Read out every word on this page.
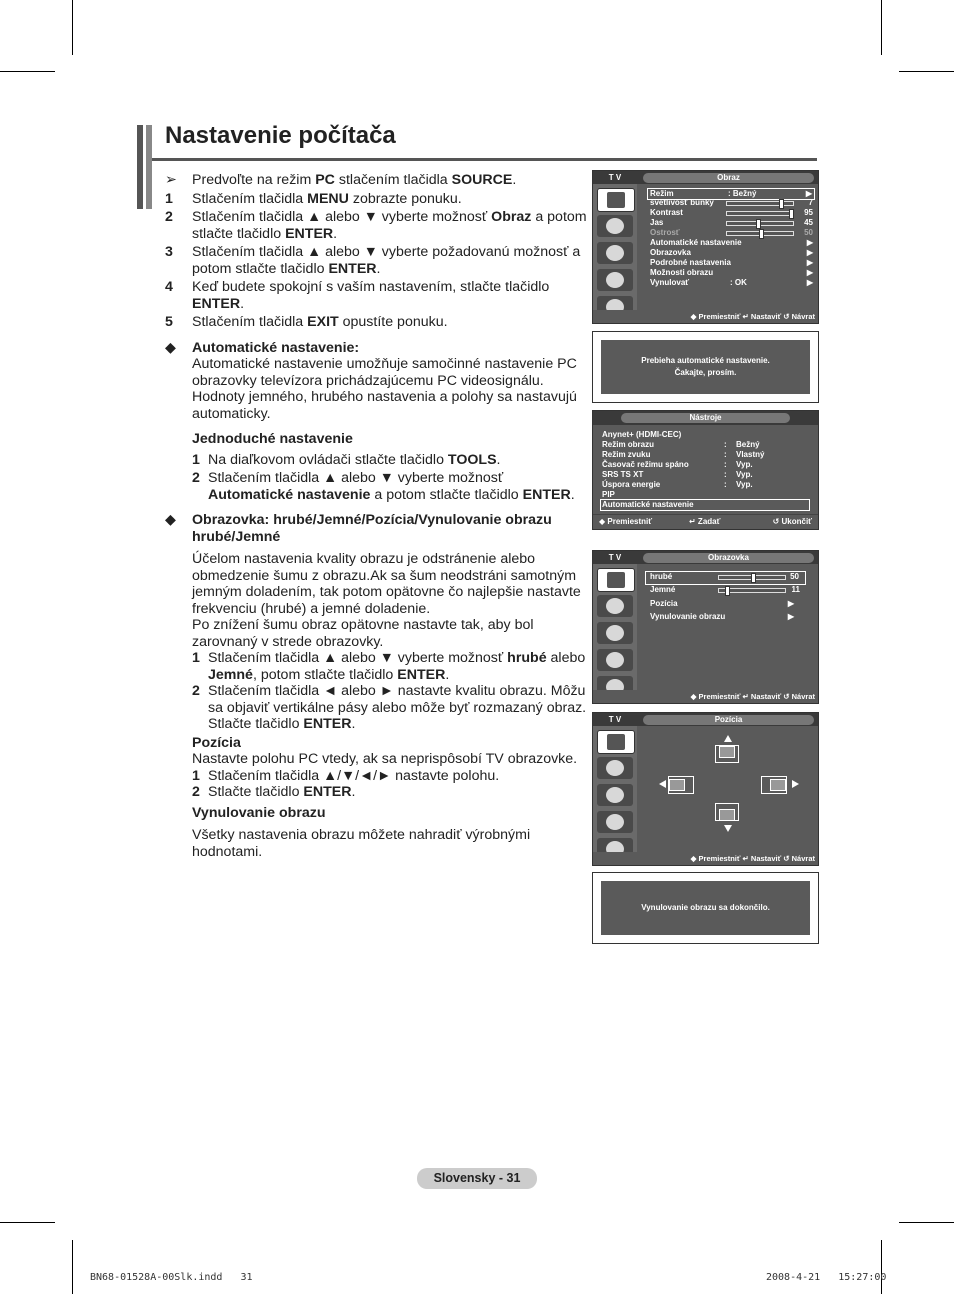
Nastavenie počítača
➢	Predvoľte na režim PC stlačením tlačidla SOURCE.
1	Stlačením tlačidla MENU zobrazte ponuku.
2	Stlačením tlačidla ▲ alebo ▼ vyberte možnosť Obraz a potom stlačte tlačidlo ENTER.
3	Stlačením tlačidla ▲ alebo ▼ vyberte požadovanú možnosť a potom stlačte tlačidlo ENTER.
4	Keď budete spokojní s vaším nastavením, stlačte tlačidlo ENTER.
5	Stlačením tlačidla EXIT opustíte ponuku.
◆	Automatické nastavenie:
Automatické nastavenie umožňuje samočinné nastavenie PC obrazovky televízora prichádzajúcemu PC videosignálu. Hodnoty jemného, hrubého nastavenia a polohy sa nastavujú automaticky.
Jednoduché nastavenie
1 Na diaľkovom ovládači stlačte tlačidlo TOOLS.
2 Stlačením tlačidla ▲ alebo ▼ vyberte možnosť Automatické nastavenie a potom stlačte tlačidlo ENTER.
◆	Obrazovka: hrubé/Jemné/Pozícia/Vynulovanie obrazu hrubé/Jemné
Účelom nastavenia kvality obrazu je odstránenie alebo obmedzenie šumu z obrazu.Ak sa šum neodstráni samotným jemným doladením, tak potom opätovne čo najlepšie nastavte frekvenciu (hrubé) a jemné doladenie.
Po znížení šumu obraz opätovne nastavte tak, aby bol zarovnaný v strede obrazovky.
1 Stlačením tlačidla ▲ alebo ▼ vyberte možnosť hrubé alebo Jemné, potom stlačte tlačidlo ENTER.
2 Stlačením tlačidla ◄ alebo ► nastavte kvalitu obrazu. Môžu sa objaviť vertikálne pásy alebo môže byť rozmazaný obraz. Stlačte tlačidlo ENTER.
Pozícia
Nastavte polohu PC vtedy, ak sa neprispôsobí TV obrazovke.
1 Stlačením tlačidla ▲/▼/◄/► nastavte polohu.
2 Stlačte tlačidlo ENTER.
Vynulovanie obrazu
Všetky nastavenia obrazu môžete nahradiť výrobnými hodnotami.
T V	Obraz
Režim	: Bežný	▶
svetlivosť bunky	7
Kontrast	95
Jas	45
Ostrosť	50
Automatické nastavenie	▶
Obrazovka	▶
Podrobné nastavenia	▶
Možnosti obrazu	▶
Vynulovať	: OK	▶
◆ Premiestniť ↵ Nastaviť ↺ Návrat
Prebieha automatické nastavenie.
Čakajte, prosím.
Nástroje
Anynet+ (HDMI-CEC)
Režim obrazu	: Bežný
Režim zvuku	: Vlastný
Časovač režimu spáno	: Vyp.
SRS TS XT	: Vyp.
Úspora energie	: Vyp.
PIP
Automatické nastavenie
◆ Premiestniť	↵ Zadať	↺ Ukončiť
T V	Obrazovka
hrubé	50
Jemné	11
Pozícia	▶
Vynulovanie obrazu	▶
◆ Premiestniť ↵ Nastaviť ↺ Návrat
T V	Pozícia
◆ Premiestniť ↵ Nastaviť ↺ Návrat
Vynulovanie obrazu sa dokončilo.
Slovensky - 31
BN68-01528A-00Slk.indd   31	2008-4-21   15:27:00
